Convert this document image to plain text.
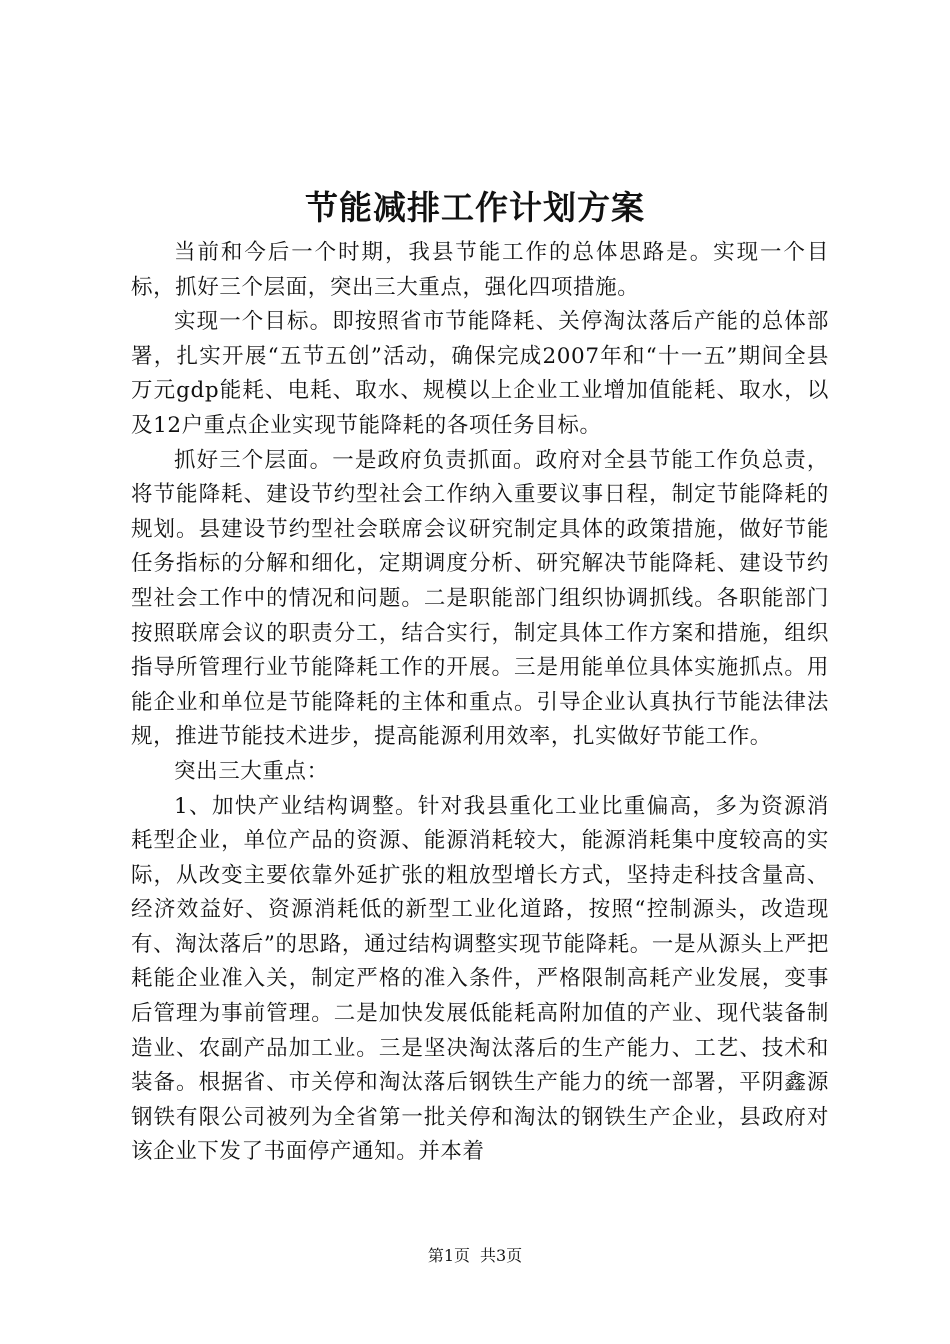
节能减排工作计划方案

当前和今后一个时期，我县节能工作的总体思路是。实现一个目标，抓好三个层面，突出三大重点，强化四项措施。

实现一个目标。即按照省市节能降耗、关停淘汰落后产能的总体部署，扎实开展“五节五创”活动，确保完成2007年和“十一五”期间全县万元gdp能耗、电耗、取水、规模以上企业工业增加值能耗、取水，以及12户重点企业实现节能降耗的各项任务目标。

抓好三个层面。一是政府负责抓面。政府对全县节能工作负总责，将节能降耗、建设节约型社会工作纳入重要议事日程，制定节能降耗的规划。县建设节约型社会联席会议研究制定具体的政策措施，做好节能任务指标的分解和细化，定期调度分析、研究解决节能降耗、建设节约型社会工作中的情况和问题。二是职能部门组织协调抓线。各职能部门按照联席会议的职责分工，结合实行，制定具体工作方案和措施，组织指导所管理行业节能降耗工作的开展。三是用能单位具体实施抓点。用能企业和单位是节能降耗的主体和重点。引导企业认真执行节能法律法规，推进节能技术进步，提高能源利用效率，扎实做好节能工作。

突出三大重点：

1、加快产业结构调整。针对我县重化工业比重偏高，多为资源消耗型企业，单位产品的资源、能源消耗较大，能源消耗集中度较高的实际，从改变主要依靠外延扩张的粗放型增长方式，坚持走科技含量高、经济效益好、资源消耗低的新型工业化道路，按照“控制源头，改造现有、淘汰落后”的思路，通过结构调整实现节能降耗。一是从源头上严把耗能企业准入关，制定严格的准入条件，严格限制高耗产业发展，变事后管理为事前管理。二是加快发展低能耗高附加值的产业、现代装备制造业、农副产品加工业。三是坚决淘汰落后的生产能力、工艺、技术和装备。根据省、市关停和淘汰落后钢铁生产能力的统一部署，平阴鑫源钢铁有限公司被列为全省第一批关停和淘汰的钢铁生产企业，县政府对该企业下发了书面停产通知。并本着

第1页 共3页
